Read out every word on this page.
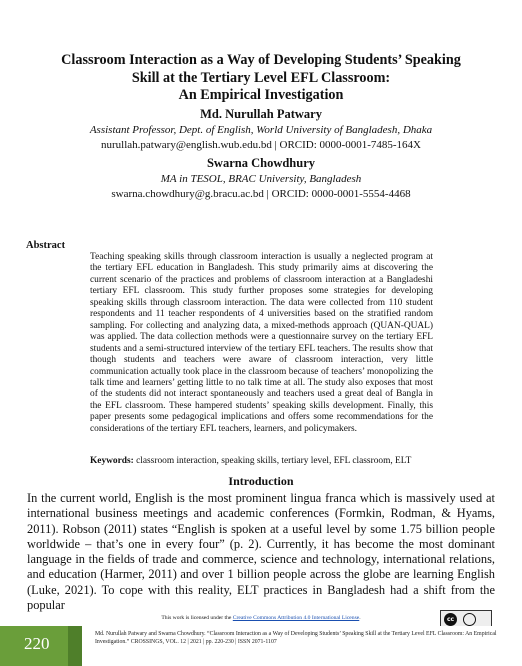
Classroom Interaction as a Way of Developing Students’ Speaking
Skill at the Tertiary Level EFL Classroom:
An Empirical Investigation
Md. Nurullah Patwary
Assistant Professor, Dept. of English, World University of Bangladesh, Dhaka
nurullah.patwary@english.wub.edu.bd | ORCID: 0000-0001-7485-164X
Swarna Chowdhury
MA in TESOL, BRAC University, Bangladesh
swarna.chowdhury@g.bracu.ac.bd | ORCID: 0000-0001-5554-4468
Abstract
Teaching speaking skills through classroom interaction is usually a neglected program at the tertiary EFL education in Bangladesh. This study primarily aims at discovering the current scenario of the practices and problems of classroom interaction at a Bangladeshi tertiary EFL classroom. This study further proposes some strategies for developing speaking skills through classroom interaction. The data were collected from 110 student respondents and 11 teacher respondents of 4 universities based on the stratified random sampling. For collecting and analyzing data, a mixed-methods approach (QUAN-QUAL) was applied. The data collection methods were a questionnaire survey on the tertiary EFL students and a semi-structured interview of the tertiary EFL teachers. The results show that though students and teachers were aware of classroom interaction, very little communication actually took place in the classroom because of teachers’ monopolizing the talk time and learners’ getting little to no talk time at all. The study also exposes that most of the students did not interact spontaneously and teachers used a great deal of Bangla in the EFL classroom. These hampered students’ speaking skills development. Finally, this paper presents some pedagogical implications and offers some recommendations for the considerations of the tertiary EFL teachers, learners, and policymakers.
Keywords: classroom interaction, speaking skills, tertiary level, EFL classroom, ELT
Introduction
In the current world, English is the most prominent lingua franca which is massively used at international business meetings and academic conferences (Formkin, Rodman, & Hyams, 2011). Robson (2011) states “English is spoken at a useful level by some 1.75 billion people worldwide – that’s one in every four” (p. 2). Currently, it has become the most dominant language in the fields of trade and commerce, science and technology, international relations, and education (Harmer, 2011) and over 1 billion people across the globe are learning English (Luke, 2021). To cope with this reality, ELT practices in Bangladesh had a shift from the popular
This work is licensed under the Creative Commons Attribution 4.0 International License.	cc
220	Md. Nurullah Patwary and Swarna Chowdhury. “Classroom Interaction as a Way of Developing Students’ Speaking Skill at the Tertiary Level EFL Classroom: An Empirical Investigation.” CROSSINGS, VOL. 12 | 2021 | pp. 220-230 | ISSN 2071-1107
